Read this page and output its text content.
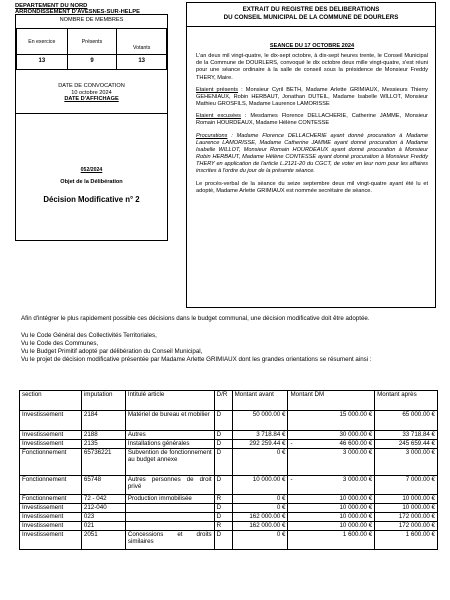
DEPARTEMENT DU NORD
ARRONDISSEMENT D'AVESNES-SUR-HELPE
NOMBRE DE MEMBRES
En exercice	Présents	Votants
13	9	13
DATE DE CONVOCATION
10 octobre 2024
DATE D'AFFICHAGE
052/2024
Objet de la Délibération
Décision Modificative n° 2
EXTRAIT DU REGISTRE DES DELIBERATIONS
DU CONSEIL MUNICIPAL DE LA COMMUNE DE DOURLERS

SEANCE DU 17 OCTOBRE 2024

L'an deux mil vingt-quatre, le dix-sept octobre, à dix-sept heures trente, le Conseil Municipal de la Commune de DOURLERS, convoqué le dix octobre deux mille vingt-quatre, s'est réuni pour une séance ordinaire à la salle de conseil sous la présidence de Monsieur Freddy THERY, Maire.

Etaient présents : Monsieur Cyril BETH, Madame Arlette GRIMIAUX, Messieurs Thierry GEHENIAUX, Robin HERBAUT, Jonathan DUTEIL, Madame Isabelle WILLOT, Monsieur Mathieu GROSFILS, Madame Laurence LAMORISSE

Etaient excusées : Mesdames Florence DELLACHERIE, Catherine JAMME, Monsieur Romain HOURDEAUX, Madame Hélène CONTESSE

Procurations : Madame Florence DELLACHERIE ayant donné procuration à Madame Laurence LAMORISSE, Madame Catherine JAMME ayant donné procuration à Madame Isabelle WILLOT, Monsieur Romain HOURDEAUX ayant donné procuration à Monsieur Robin HERBAUT, Madame Hélène CONTESSE ayant donné procuration à Monsieur Freddy THERY en application de l'article L.2121-20 du CGCT, de voter en leur nom pour les affaires inscrites à l'ordre du jour de la présente séance.

Le procès-verbal de la séance du seize septembre deux mil vingt-quatre ayant été lu et adopté, Madame Arlette GRIMIAUX est nommée secrétaire de séance.

Afin d'intégrer le plus rapidement possible ces décisions dans le budget communal, une décision modificative doit être adoptée.

Vu le Code Général des Collectivités Territoriales,

Vu le Code des Communes,

Vu le Budget Primitif adopté par délibération du Conseil Municipal,

Vu le projet de décision modificative présentée par Madame Arlette GRIMIAUX dont les grandes orientations se résument ainsi :

section	imputation	Intitulé article	D/R	Montant avant	Montant DM	Montant après
Investissement	2184	Matériel de bureau et mobilier	D	50 000.00 €	15 000.00 €	65 000.00 €
Investissement	2188	Autres	D	3 718.84 €	30 000.00 €	33 718.84 €
Investissement	2135	Installations générales	D	292 259.44 €	- 46 600.00 €	245 659.44 €
Fonctionnement	65736221	Subvention de fonctionnement au budget annexe	D	0 €	3 000.00 €	3 000.00 €
Fonctionnement	65748	Autres personnes de droit privé	D	10 000.00 €	- 3 000.00 €	7 000.00 €
Fonctionnement	72 - 042	Production immobilisée	R	0 €	10 000.00 €	10 000.00 €
Investissement	212-040		D	0 €	10 000.00 €	10 000.00 €
Investissement	023		D	162 000.00 €	10 000.00 €	172 000.00 €
Investissement	021		R	162 000.00 €	10 000.00 €	172 000.00 €
Investissement	2051	Concessions et droits similaires	D	0 €	1 600.00 €	1 600.00 €
